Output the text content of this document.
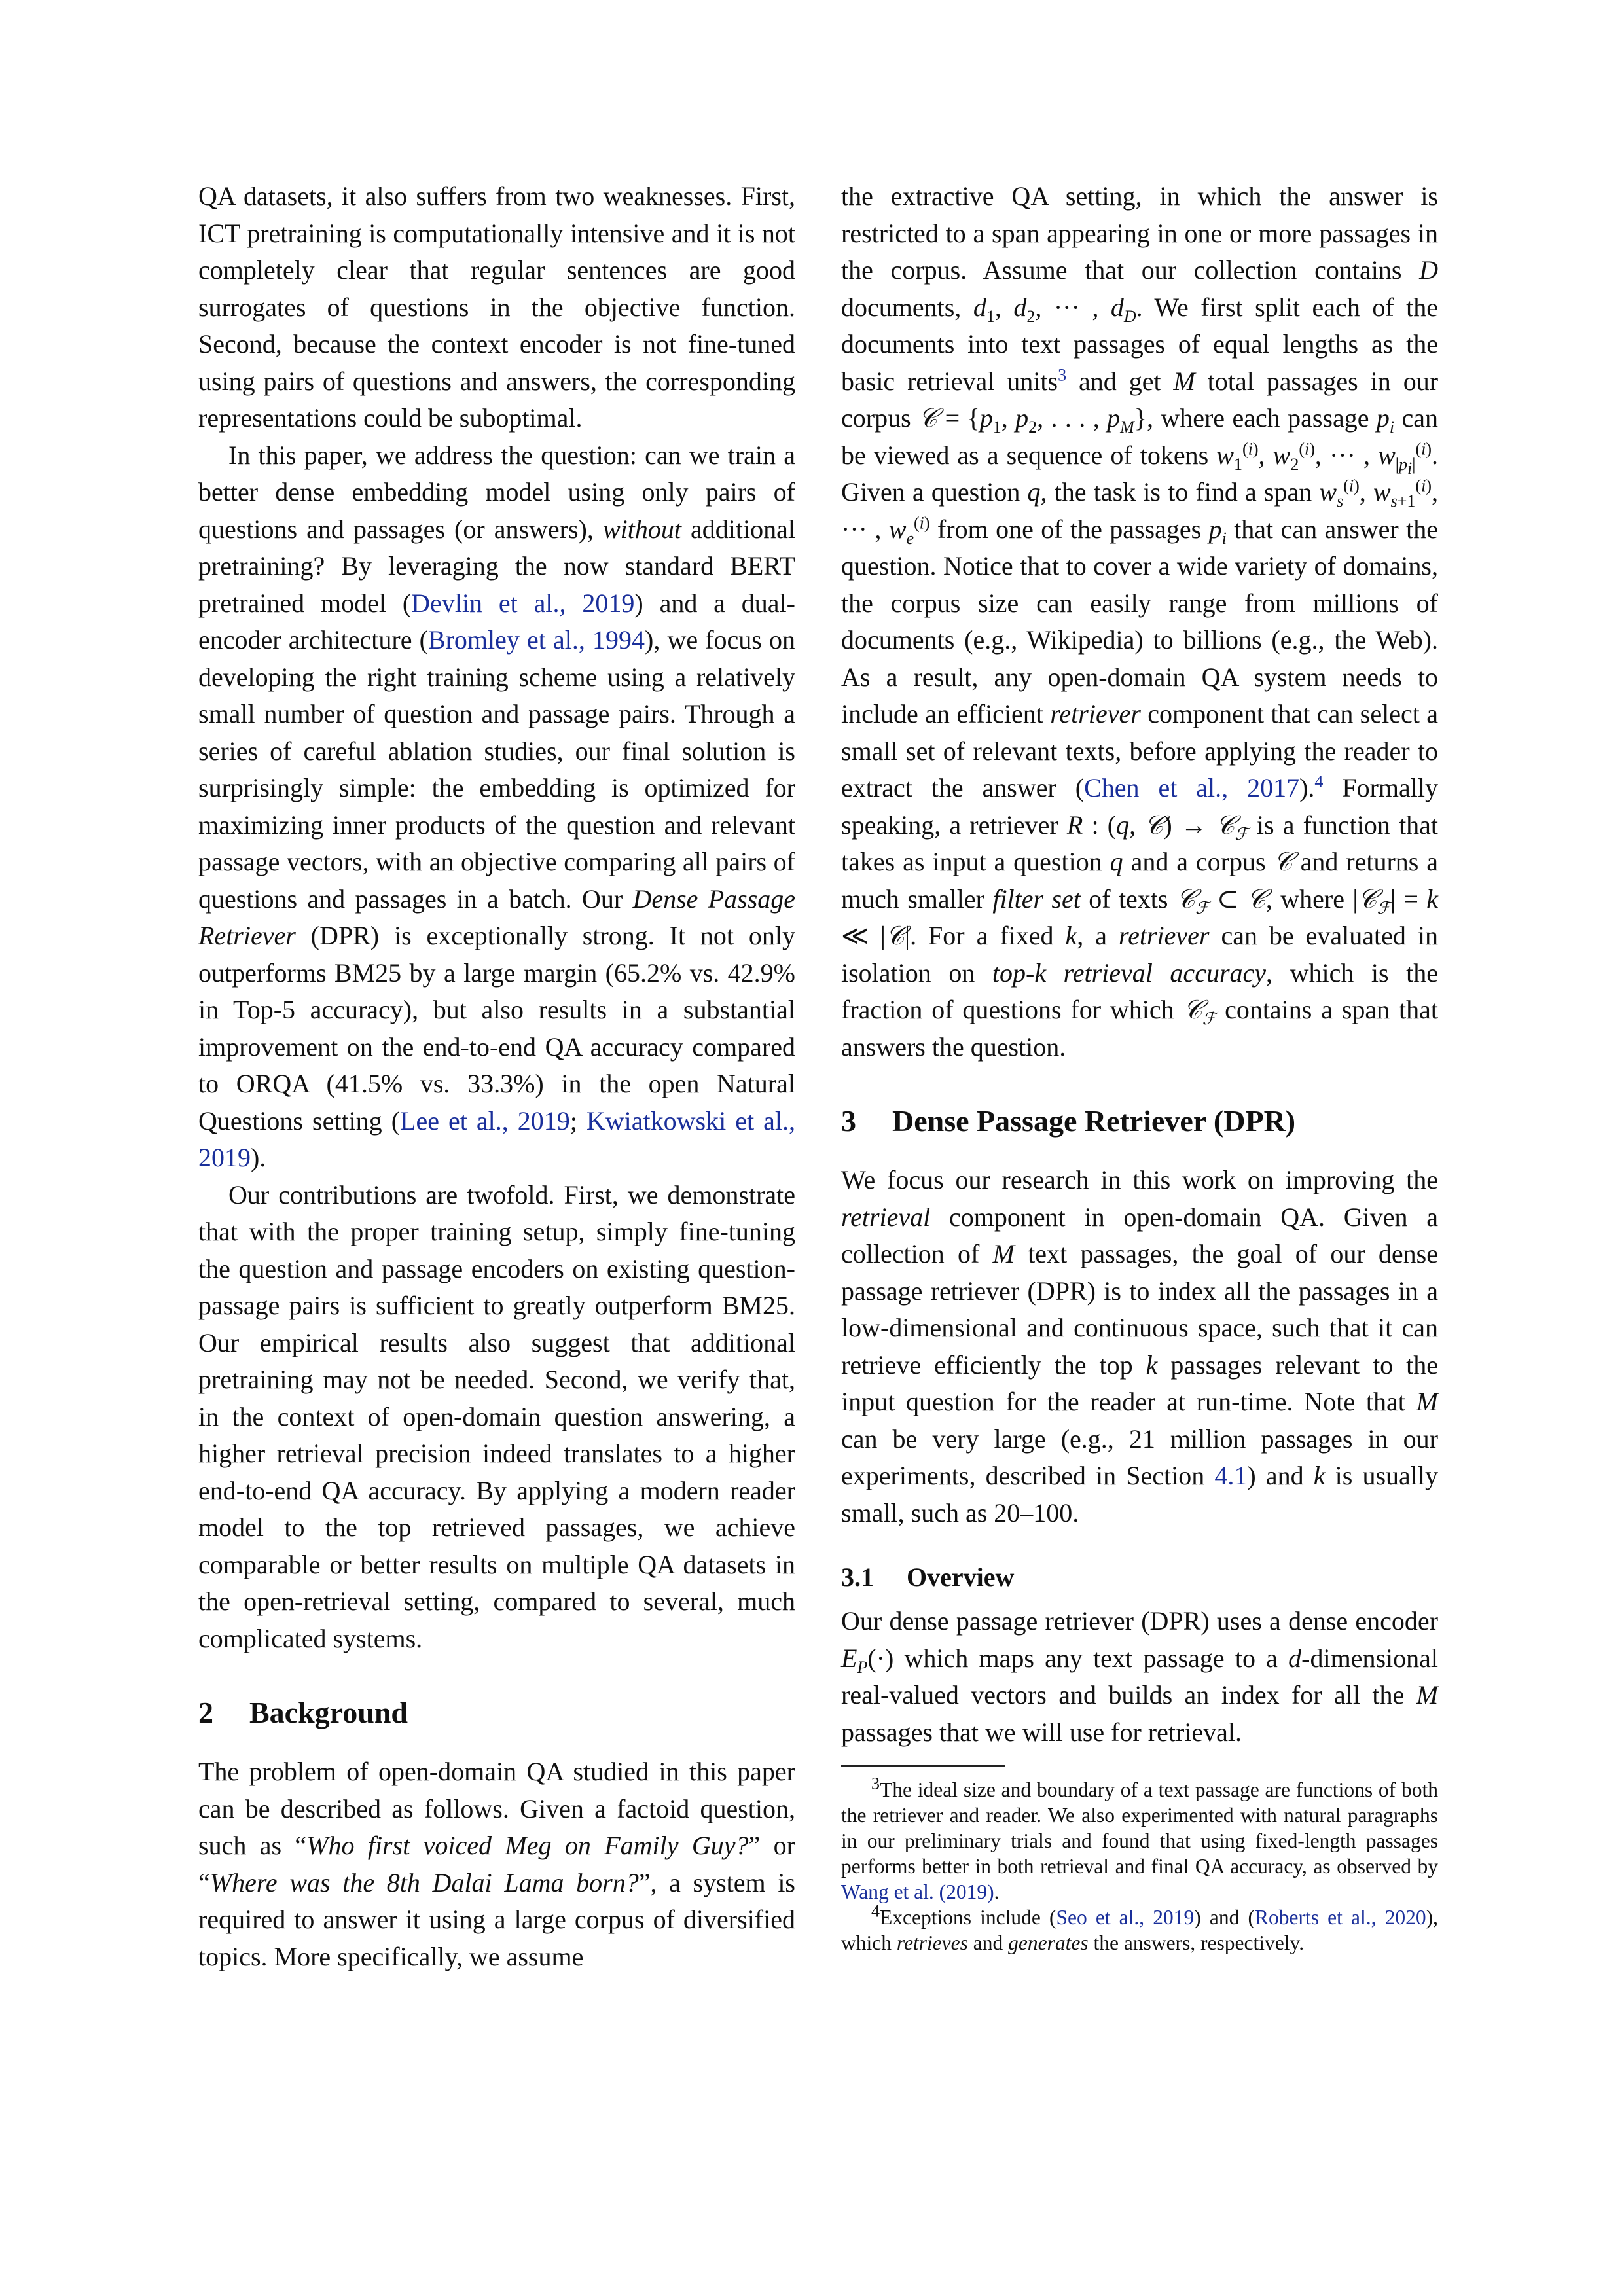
QA datasets, it also suffers from two weaknesses. First, ICT pretraining is computationally intensive and it is not completely clear that regular sentences are good surrogates of questions in the objective function. Second, because the context encoder is not fine-tuned using pairs of questions and answers, the corresponding representations could be suboptimal.

In this paper, we address the question: can we train a better dense embedding model using only pairs of questions and passages (or answers), without additional pretraining? By leveraging the now standard BERT pretrained model (Devlin et al., 2019) and a dual-encoder architecture (Bromley et al., 1994), we focus on developing the right training scheme using a relatively small number of question and passage pairs. Through a series of careful ablation studies, our final solution is surprisingly simple: the embedding is optimized for maximizing inner products of the question and relevant passage vectors, with an objective comparing all pairs of questions and passages in a batch. Our Dense Passage Retriever (DPR) is exceptionally strong. It not only outperforms BM25 by a large margin (65.2% vs. 42.9% in Top-5 accuracy), but also results in a substantial improvement on the end-to-end QA accuracy compared to ORQA (41.5% vs. 33.3%) in the open Natural Questions setting (Lee et al., 2019; Kwiatkowski et al., 2019).

Our contributions are twofold. First, we demonstrate that with the proper training setup, simply fine-tuning the question and passage encoders on existing question-passage pairs is sufficient to greatly outperform BM25. Our empirical results also suggest that additional pretraining may not be needed. Second, we verify that, in the context of open-domain question answering, a higher retrieval precision indeed translates to a higher end-to-end QA accuracy. By applying a modern reader model to the top retrieved passages, we achieve comparable or better results on multiple QA datasets in the open-retrieval setting, compared to several, much complicated systems.

2 Background

The problem of open-domain QA studied in this paper can be described as follows. Given a factoid question, such as “Who first voiced Meg on Family Guy?” or “Where was the 8th Dalai Lama born?”, a system is required to answer it using a large corpus of diversified topics. More specifically, we assume

the extractive QA setting, in which the answer is restricted to a span appearing in one or more passages in the corpus. Assume that our collection contains D documents, $d_1$, $d_2$, ··· , $d_D$. We first split each of the documents into text passages of equal lengths as the basic retrieval units$^3$ and get M total passages in our corpus 𝒞 = {$p_1$, $p_2$, . . . , $p_M$}, where each passage $p_i$ can be viewed as a sequence of tokens $w_1^{(i)}$, $w_2^{(i)}$, ··· , $w_{|p_i|}^{(i)}$. Given a question q, the task is to find a span $w_s^{(i)}$, $w_{s+1}^{(i)}$, ··· , $w_e^{(i)}$ from one of the passages $p_i$ that can answer the question. Notice that to cover a wide variety of domains, the corpus size can easily range from millions of documents (e.g., Wikipedia) to billions (e.g., the Web). As a result, any open-domain QA system needs to include an efficient retriever component that can select a small set of relevant texts, before applying the reader to extract the answer (Chen et al., 2017).$^4$ Formally speaking, a retriever R : (q, 𝒞) → 𝒞$_ℱ$ is a function that takes as input a question q and a corpus 𝒞 and returns a much smaller filter set of texts 𝒞$_ℱ$ ⊂ 𝒞, where |𝒞$_ℱ$| = k ≪ |𝒞|. For a fixed k, a retriever can be evaluated in isolation on top-k retrieval accuracy, which is the fraction of questions for which 𝒞$_ℱ$ contains a span that answers the question.

3 Dense Passage Retriever (DPR)

We focus our research in this work on improving the retrieval component in open-domain QA. Given a collection of M text passages, the goal of our dense passage retriever (DPR) is to index all the passages in a low-dimensional and continuous space, such that it can retrieve efficiently the top k passages relevant to the input question for the reader at run-time. Note that M can be very large (e.g., 21 million passages in our experiments, described in Section 4.1) and k is usually small, such as 20–100.

3.1 Overview

Our dense passage retriever (DPR) uses a dense encoder $E_P(\cdot)$ which maps any text passage to a d-dimensional real-valued vectors and builds an index for all the M passages that we will use for retrieval.

$^3$The ideal size and boundary of a text passage are functions of both the retriever and reader. We also experimented with natural paragraphs in our preliminary trials and found that using fixed-length passages performs better in both retrieval and final QA accuracy, as observed by Wang et al. (2019).

$^4$Exceptions include (Seo et al., 2019) and (Roberts et al., 2020), which retrieves and generates the answers, respectively.
